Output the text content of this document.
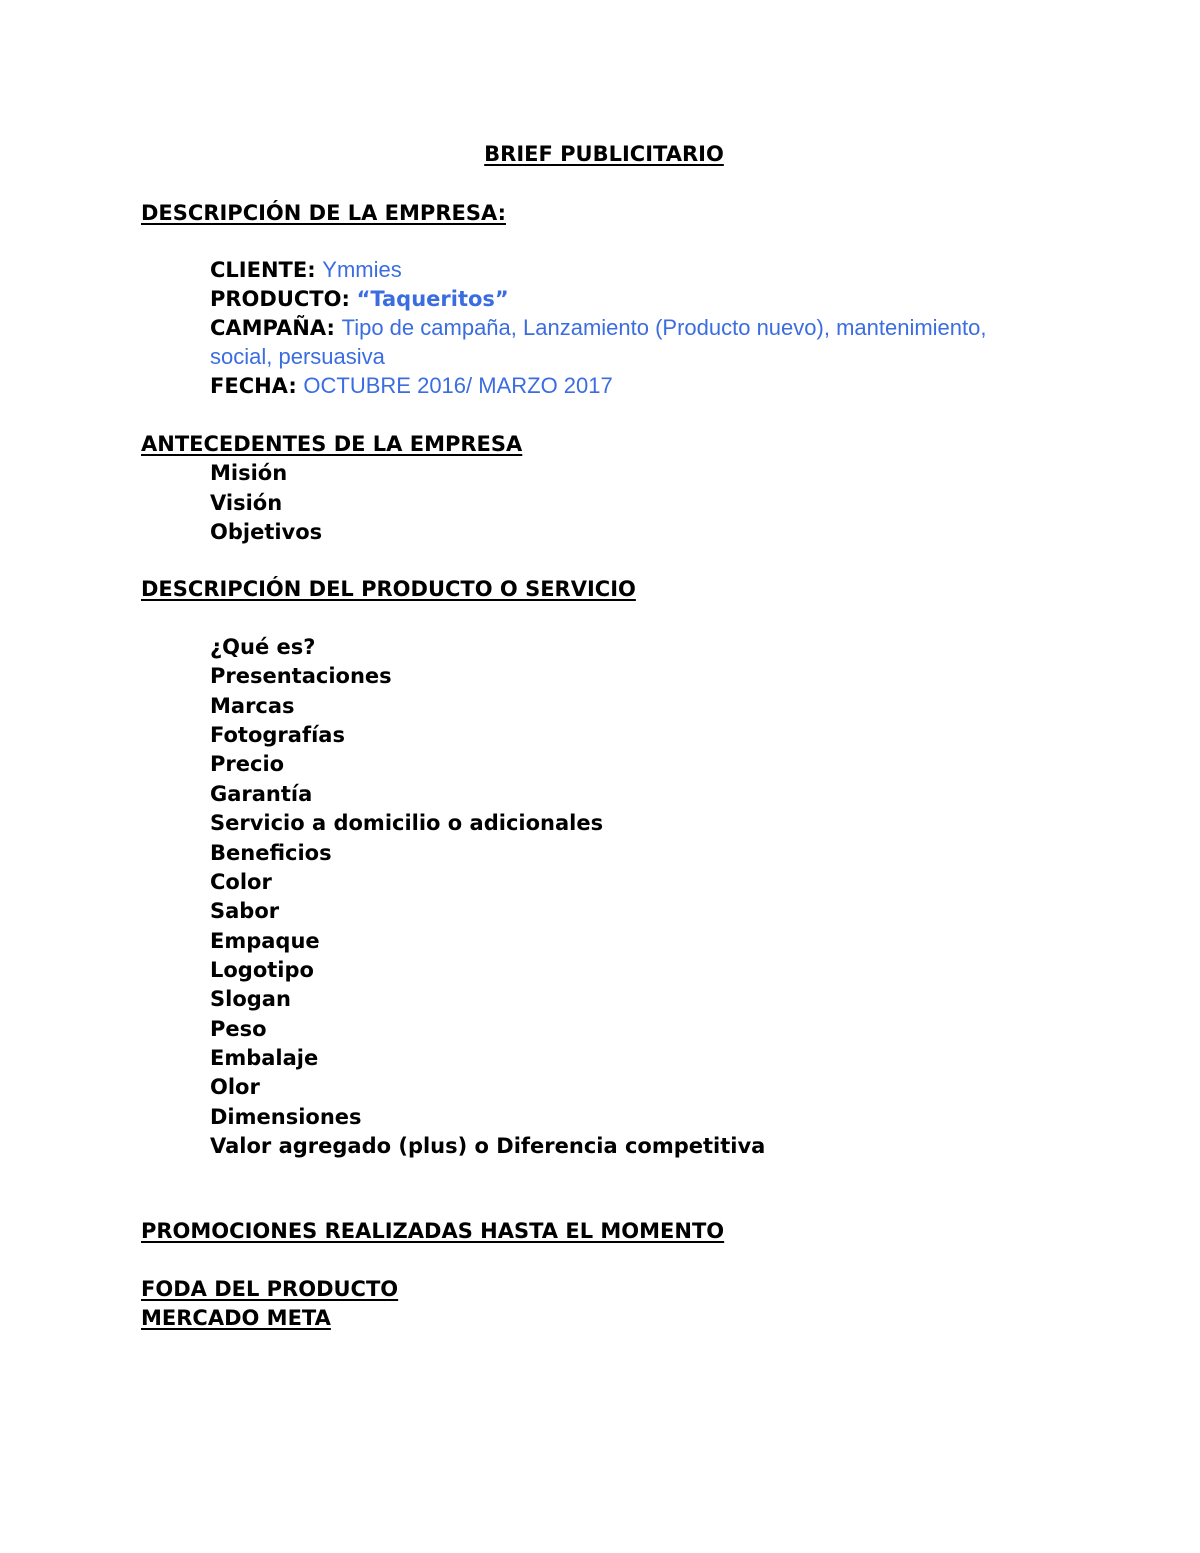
BRIEF PUBLICITARIO
DESCRIPCIÓN DE LA EMPRESA:
CLIENTE: Ymmies
PRODUCTO: “Taqueritos”
CAMPAÑA: Tipo de campaña, Lanzamiento (Producto nuevo), mantenimiento,
social, persuasiva
FECHA: OCTUBRE 2016/ MARZO 2017
ANTECEDENTES DE LA EMPRESA
Misión
Visión
Objetivos
DESCRIPCIÓN DEL PRODUCTO O SERVICIO
¿Qué es?
Presentaciones
Marcas
Fotografías
Precio
Garantía
Servicio a domicilio o adicionales
Beneficios
Color
Sabor
Empaque
Logotipo
Slogan
Peso
Embalaje
Olor
Dimensiones
Valor agregado (plus) o Diferencia competitiva
PROMOCIONES REALIZADAS HASTA EL MOMENTO
FODA DEL PRODUCTO
MERCADO META
